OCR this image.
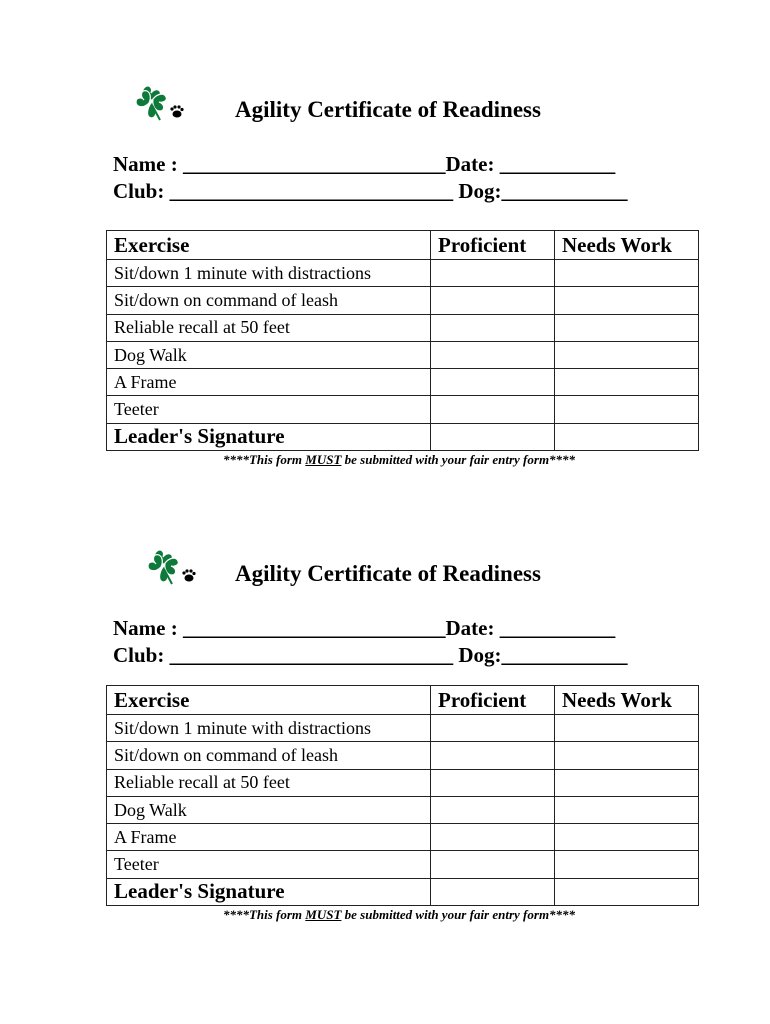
Agility Certificate of Readiness
Name : _________________________Date: ___________
Club: ___________________________ Dog:____________
Exercise	Proficient	Needs Work
Sit/down 1 minute with distractions		
Sit/down on command of leash		
Reliable recall at 50 feet		
Dog Walk		
A Frame		
Teeter		
Leader's Signature		
****This form MUST be submitted with your fair entry form****
Agility Certificate of Readiness
Name : _________________________Date: ___________
Club: ___________________________ Dog:____________
Exercise	Proficient	Needs Work
Sit/down 1 minute with distractions		
Sit/down on command of leash		
Reliable recall at 50 feet		
Dog Walk		
A Frame		
Teeter		
Leader's Signature		
****This form MUST be submitted with your fair entry form****
